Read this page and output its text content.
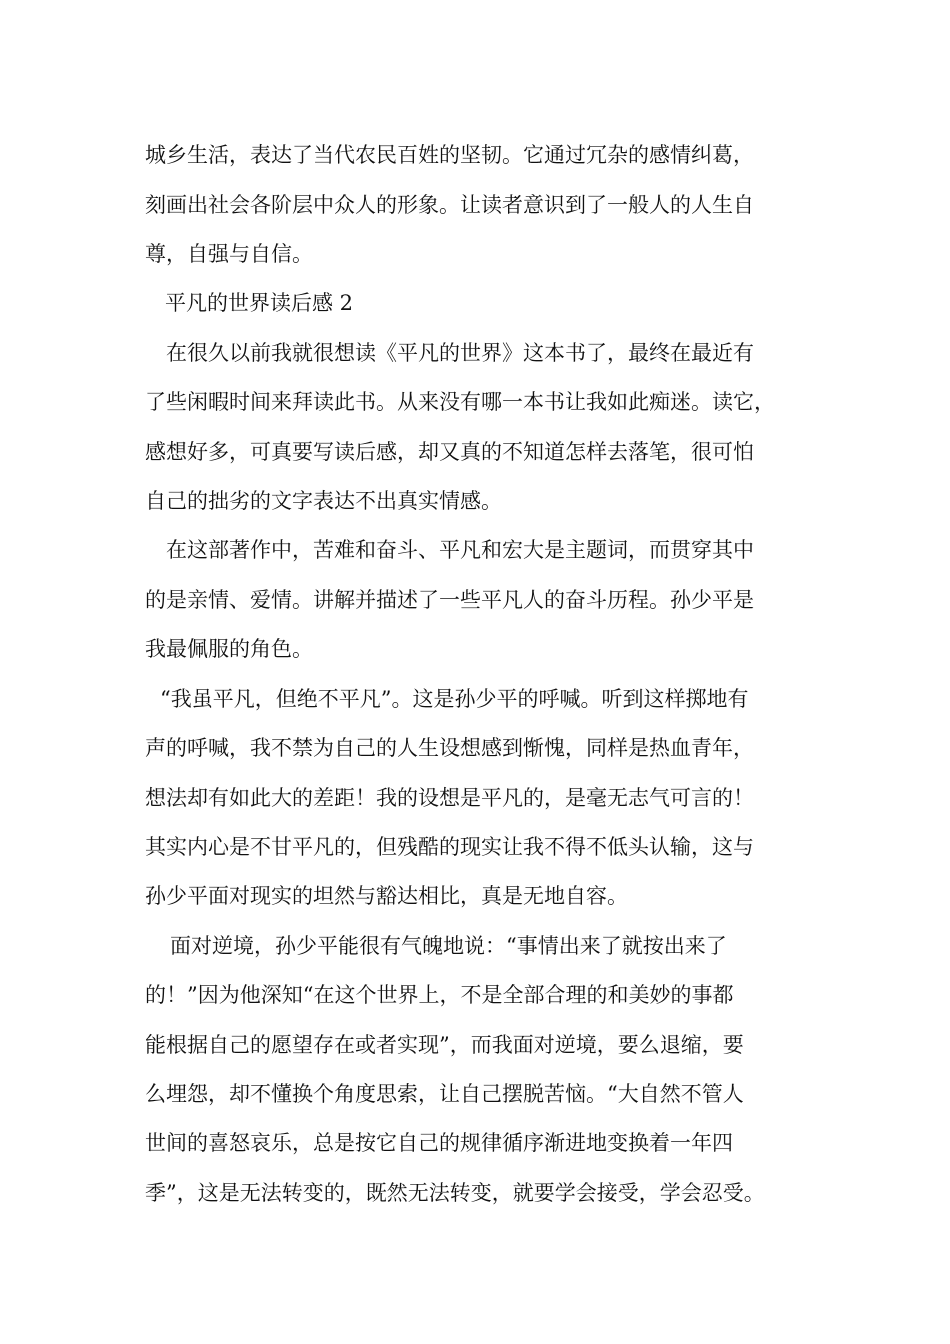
城乡生活，表达了当代农民百姓的坚韧。它通过冗杂的感情纠葛，
刻画出社会各阶层中众人的形象。让读者意识到了一般人的人生自
尊，自强与自信。
平凡的世界读后感 2
在很久以前我就很想读《平凡的世界》这本书了，最终在最近有
了些闲暇时间来拜读此书。从来没有哪一本书让我如此痴迷。读它，
感想好多，可真要写读后感，却又真的不知道怎样去落笔，很可怕
自己的拙劣的文字表达不出真实情感。
在这部著作中，苦难和奋斗、平凡和宏大是主题词，而贯穿其中
的是亲情、爱情。讲解并描述了一些平凡人的奋斗历程。孙少平是
我最佩服的角色。
“我虽平凡，但绝不平凡”。这是孙少平的呼喊。听到这样掷地有
声的呼喊，我不禁为自己的人生设想感到惭愧，同样是热血青年，
想法却有如此大的差距！我的设想是平凡的，是毫无志气可言的！
其实内心是不甘平凡的，但残酷的现实让我不得不低头认输，这与
孙少平面对现实的坦然与豁达相比，真是无地自容。
面对逆境，孙少平能很有气魄地说：“事情出来了就按出来了
的！”因为他深知“在这个世界上，不是全部合理的和美妙的事都
能根据自己的愿望存在或者实现”，而我面对逆境，要么退缩，要
么埋怨，却不懂换个角度思索，让自己摆脱苦恼。“大自然不管人
世间的喜怒哀乐，总是按它自己的规律循序渐进地变换着一年四
季”，这是无法转变的，既然无法转变，就要学会接受，学会忍受。
